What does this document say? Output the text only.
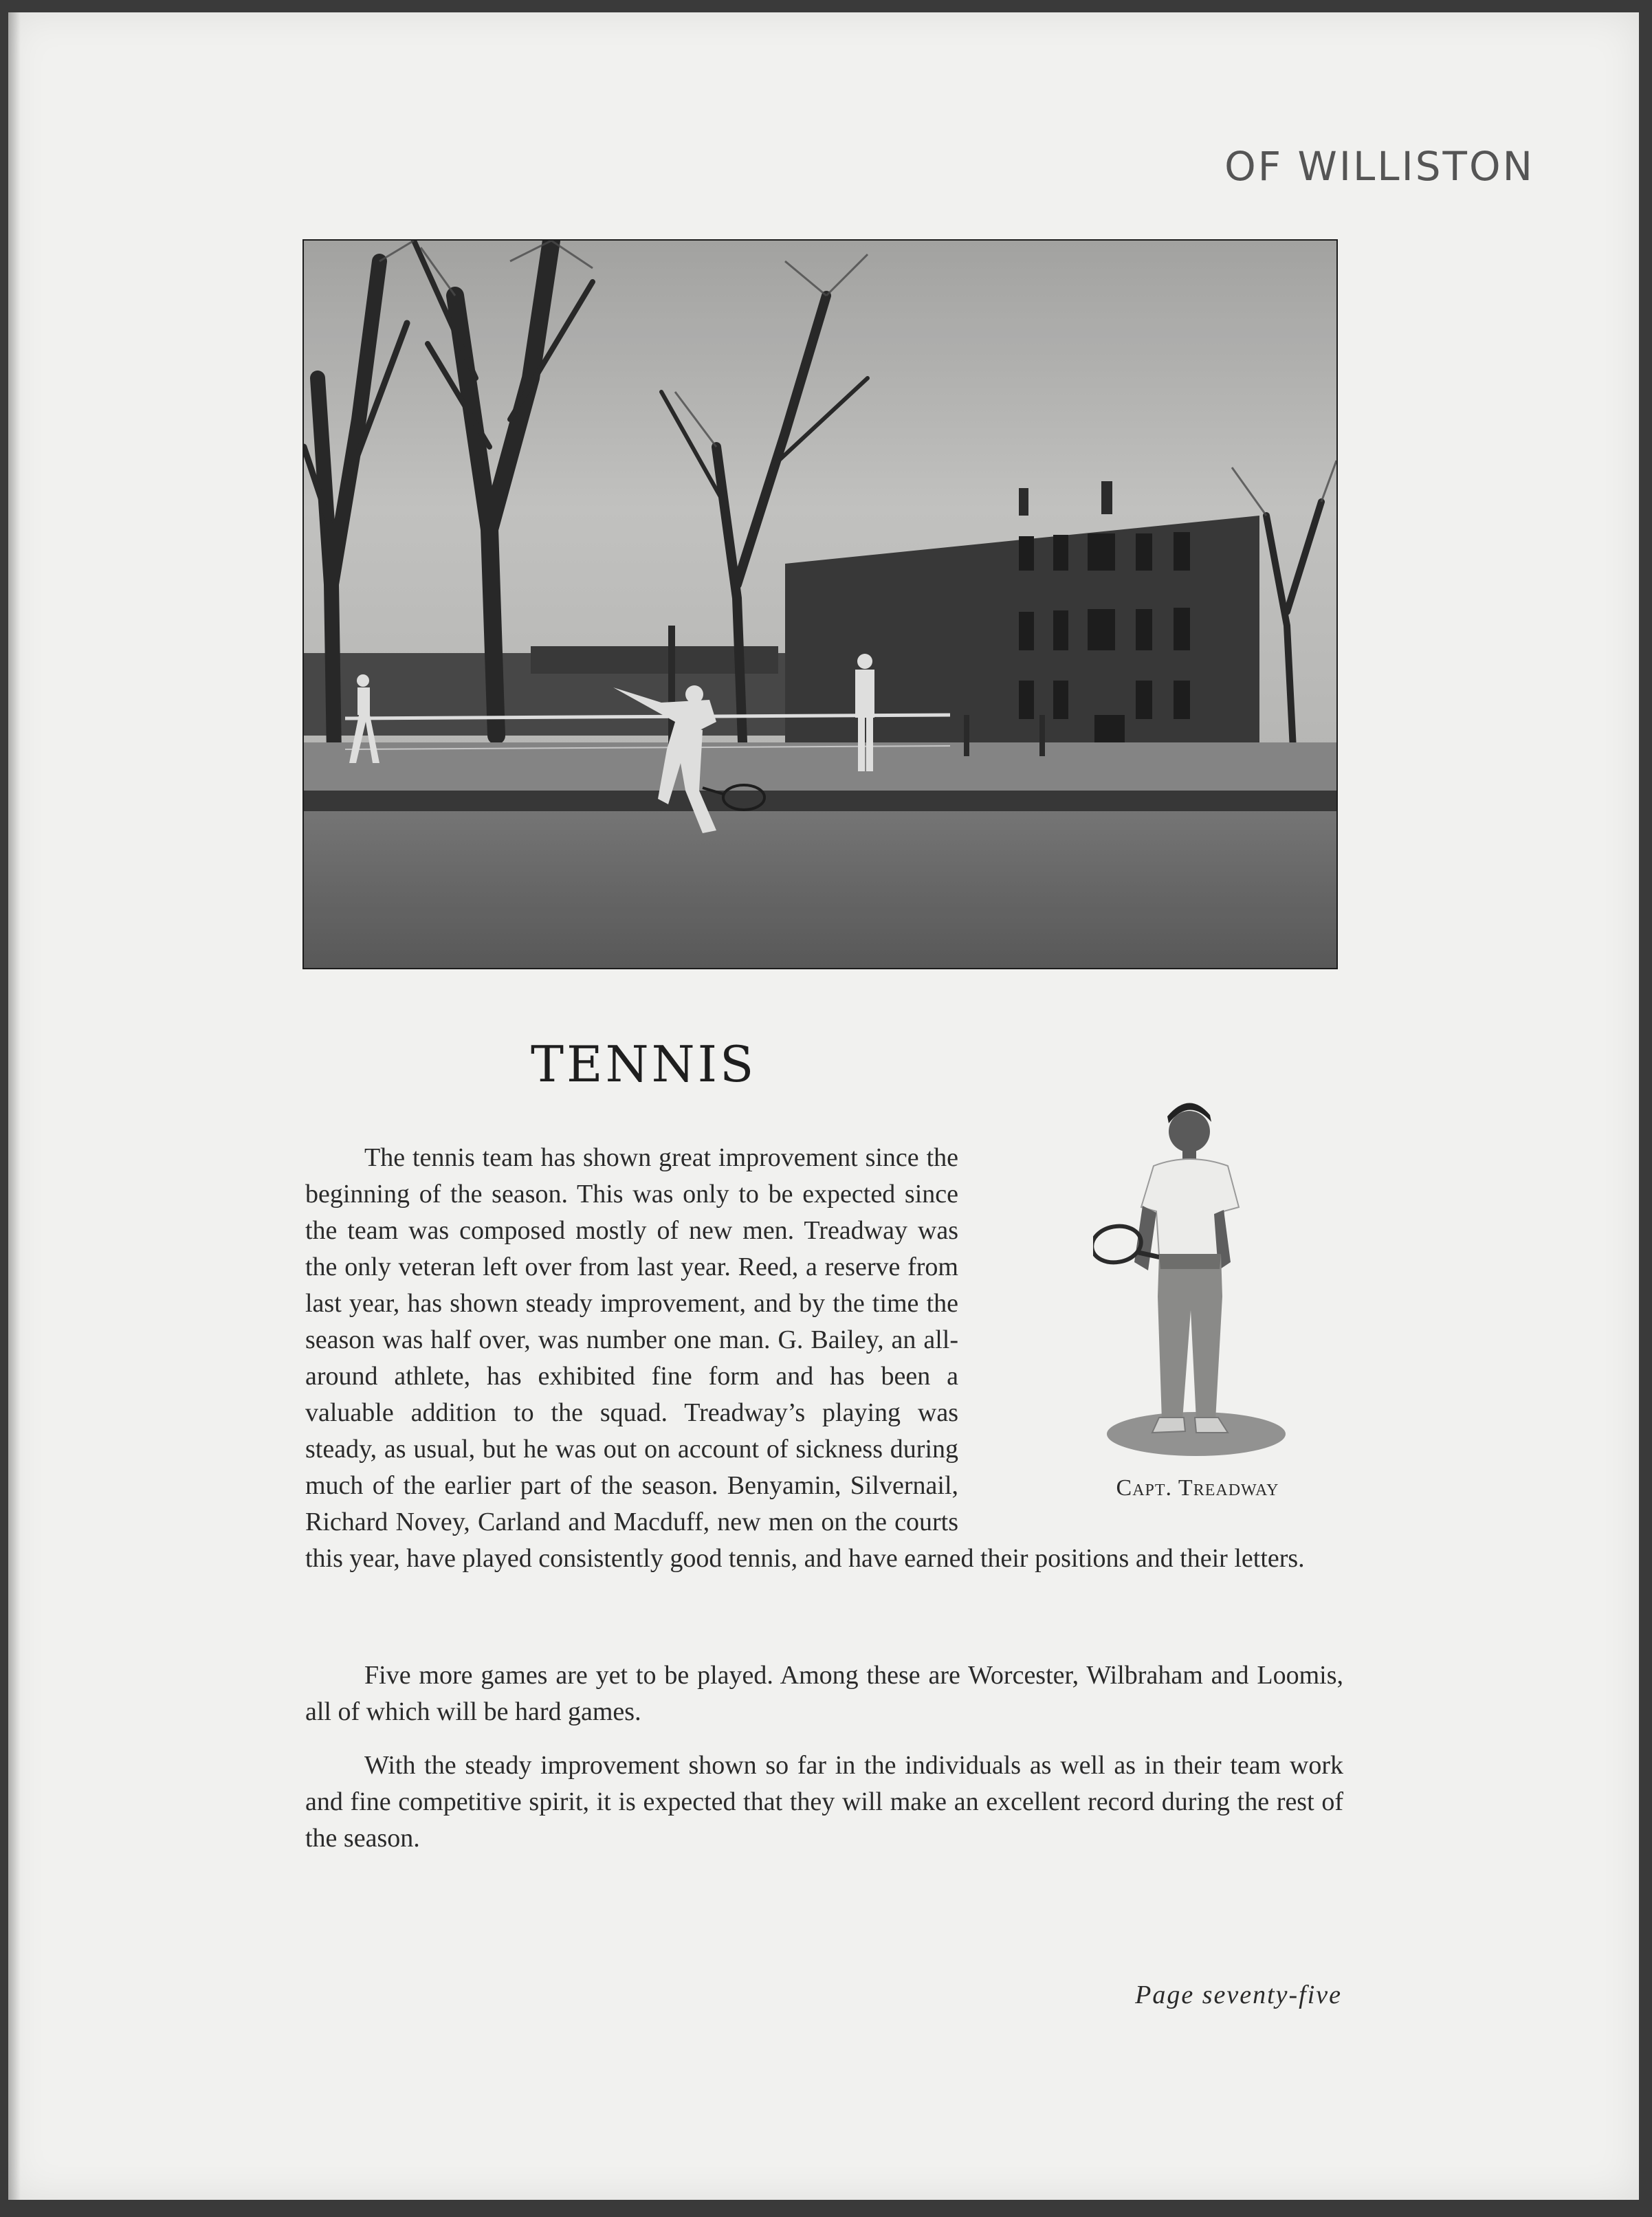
OF WILLISTON
TENNIS
Capt. Treadway

The tennis team has shown great improvement since the beginning of the season. This was only to be expected since the team was composed mostly of new men. Treadway was the only veteran left over from last year. Reed, a reserve from last year, has shown steady improvement, and by the time the season was half over, was number one man. G. Bailey, an all-around athlete, has exhibited fine form and has been a valuable addition to the squad. Treadway’s playing was steady, as usual, but he was out on account of sickness during much of the earlier part of the season. Benyamin, Silvernail, Richard Novey, Carland and Macduff, new men on the courts this year, have played consistently good tennis, and have earned their positions and their letters.

Five more games are yet to be played. Among these are Worcester, Wilbraham and Loomis, all of which will be hard games.

With the steady improvement shown so far in the individuals as well as in their team work and fine competitive spirit, it is expected that they will make an excellent record during the rest of the season.

Page seventy-five
